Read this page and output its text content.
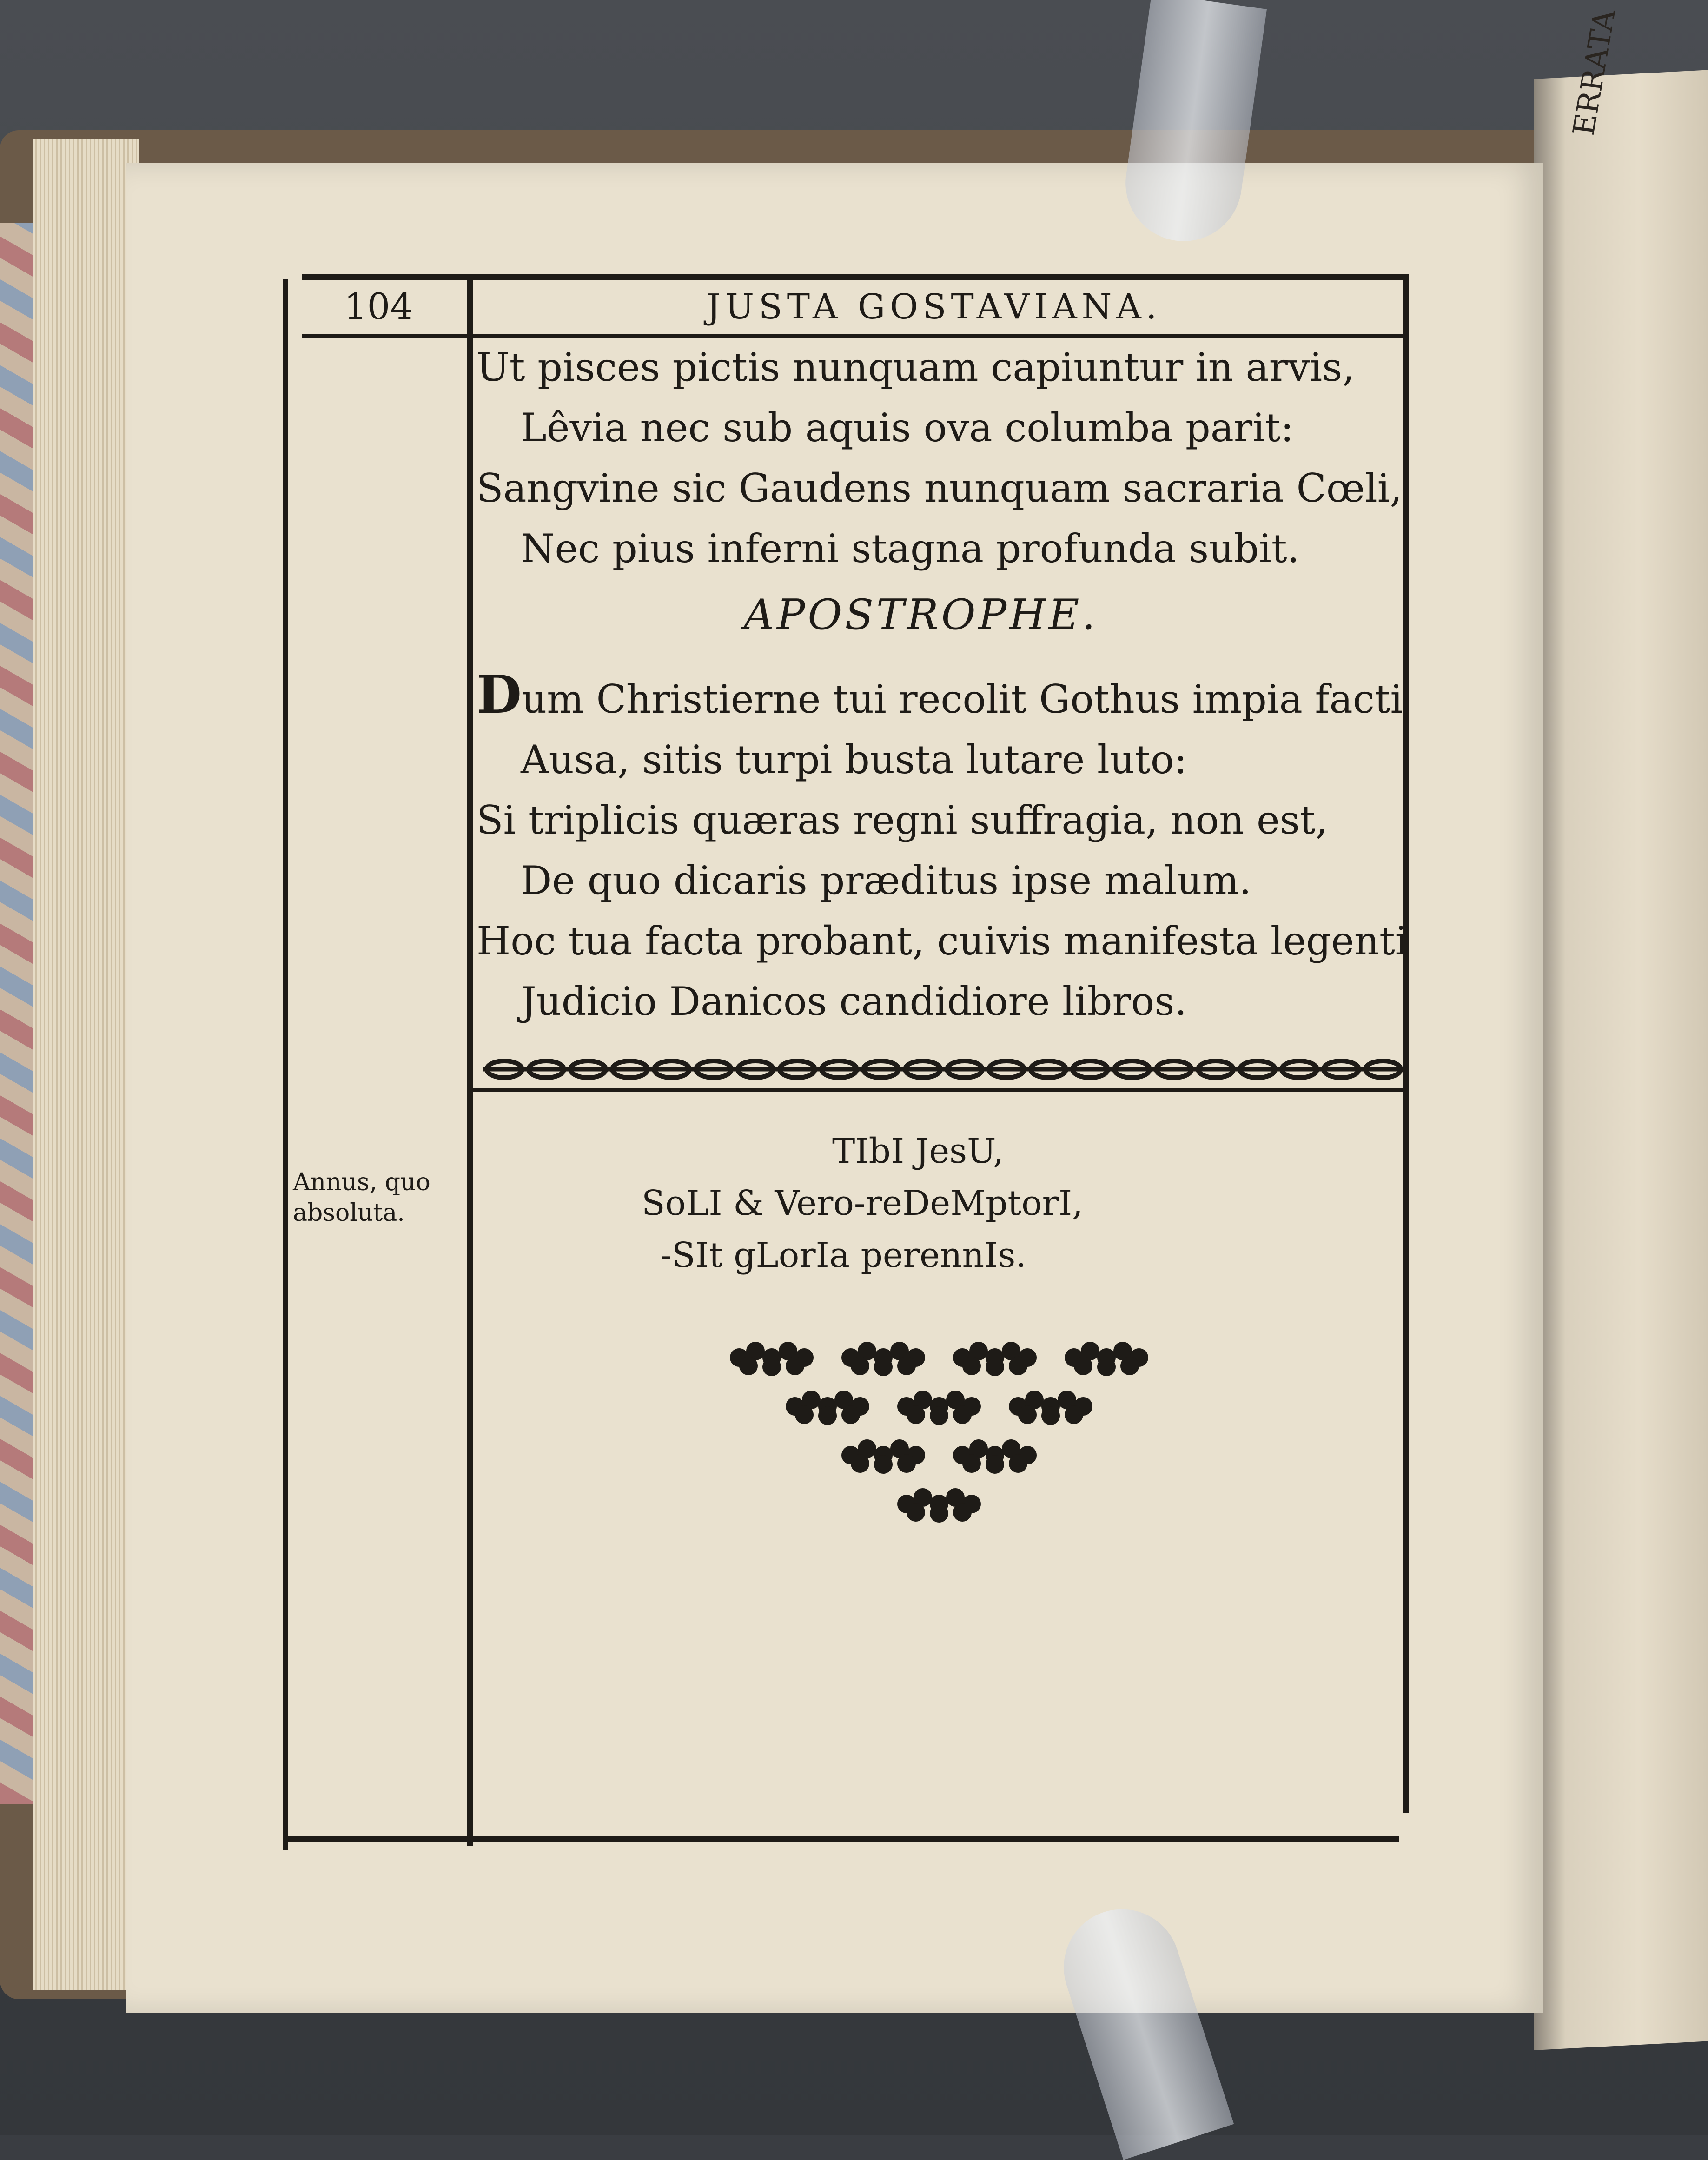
ERRATA
104	JUSTA GOSTAVIANA.
Ut pisces pictis nunquam capiuntur in arvis,
Lêvia nec sub aquis ova columba parit:
Sangvine sic Gaudens nunquam sacraria Cœli,
Nec pius inferni stagna profunda subit.
APOSTROPHE.
Dum Christierne tui recolit Gothus impia facti
Ausa, sitis turpi busta lutare luto:
Si triplicis quæras regni suffragia, non est,
De quo dicaris præditus ipse malum.
Hoc tua facta probant, cuivis manifesta legenti
Judicio Danicos candidiore libros.
Annus, quo
absoluta.
TIbI JesU,
SoLI & Vero-reDeMptorI,
-SIt gLorIa perennIs.
